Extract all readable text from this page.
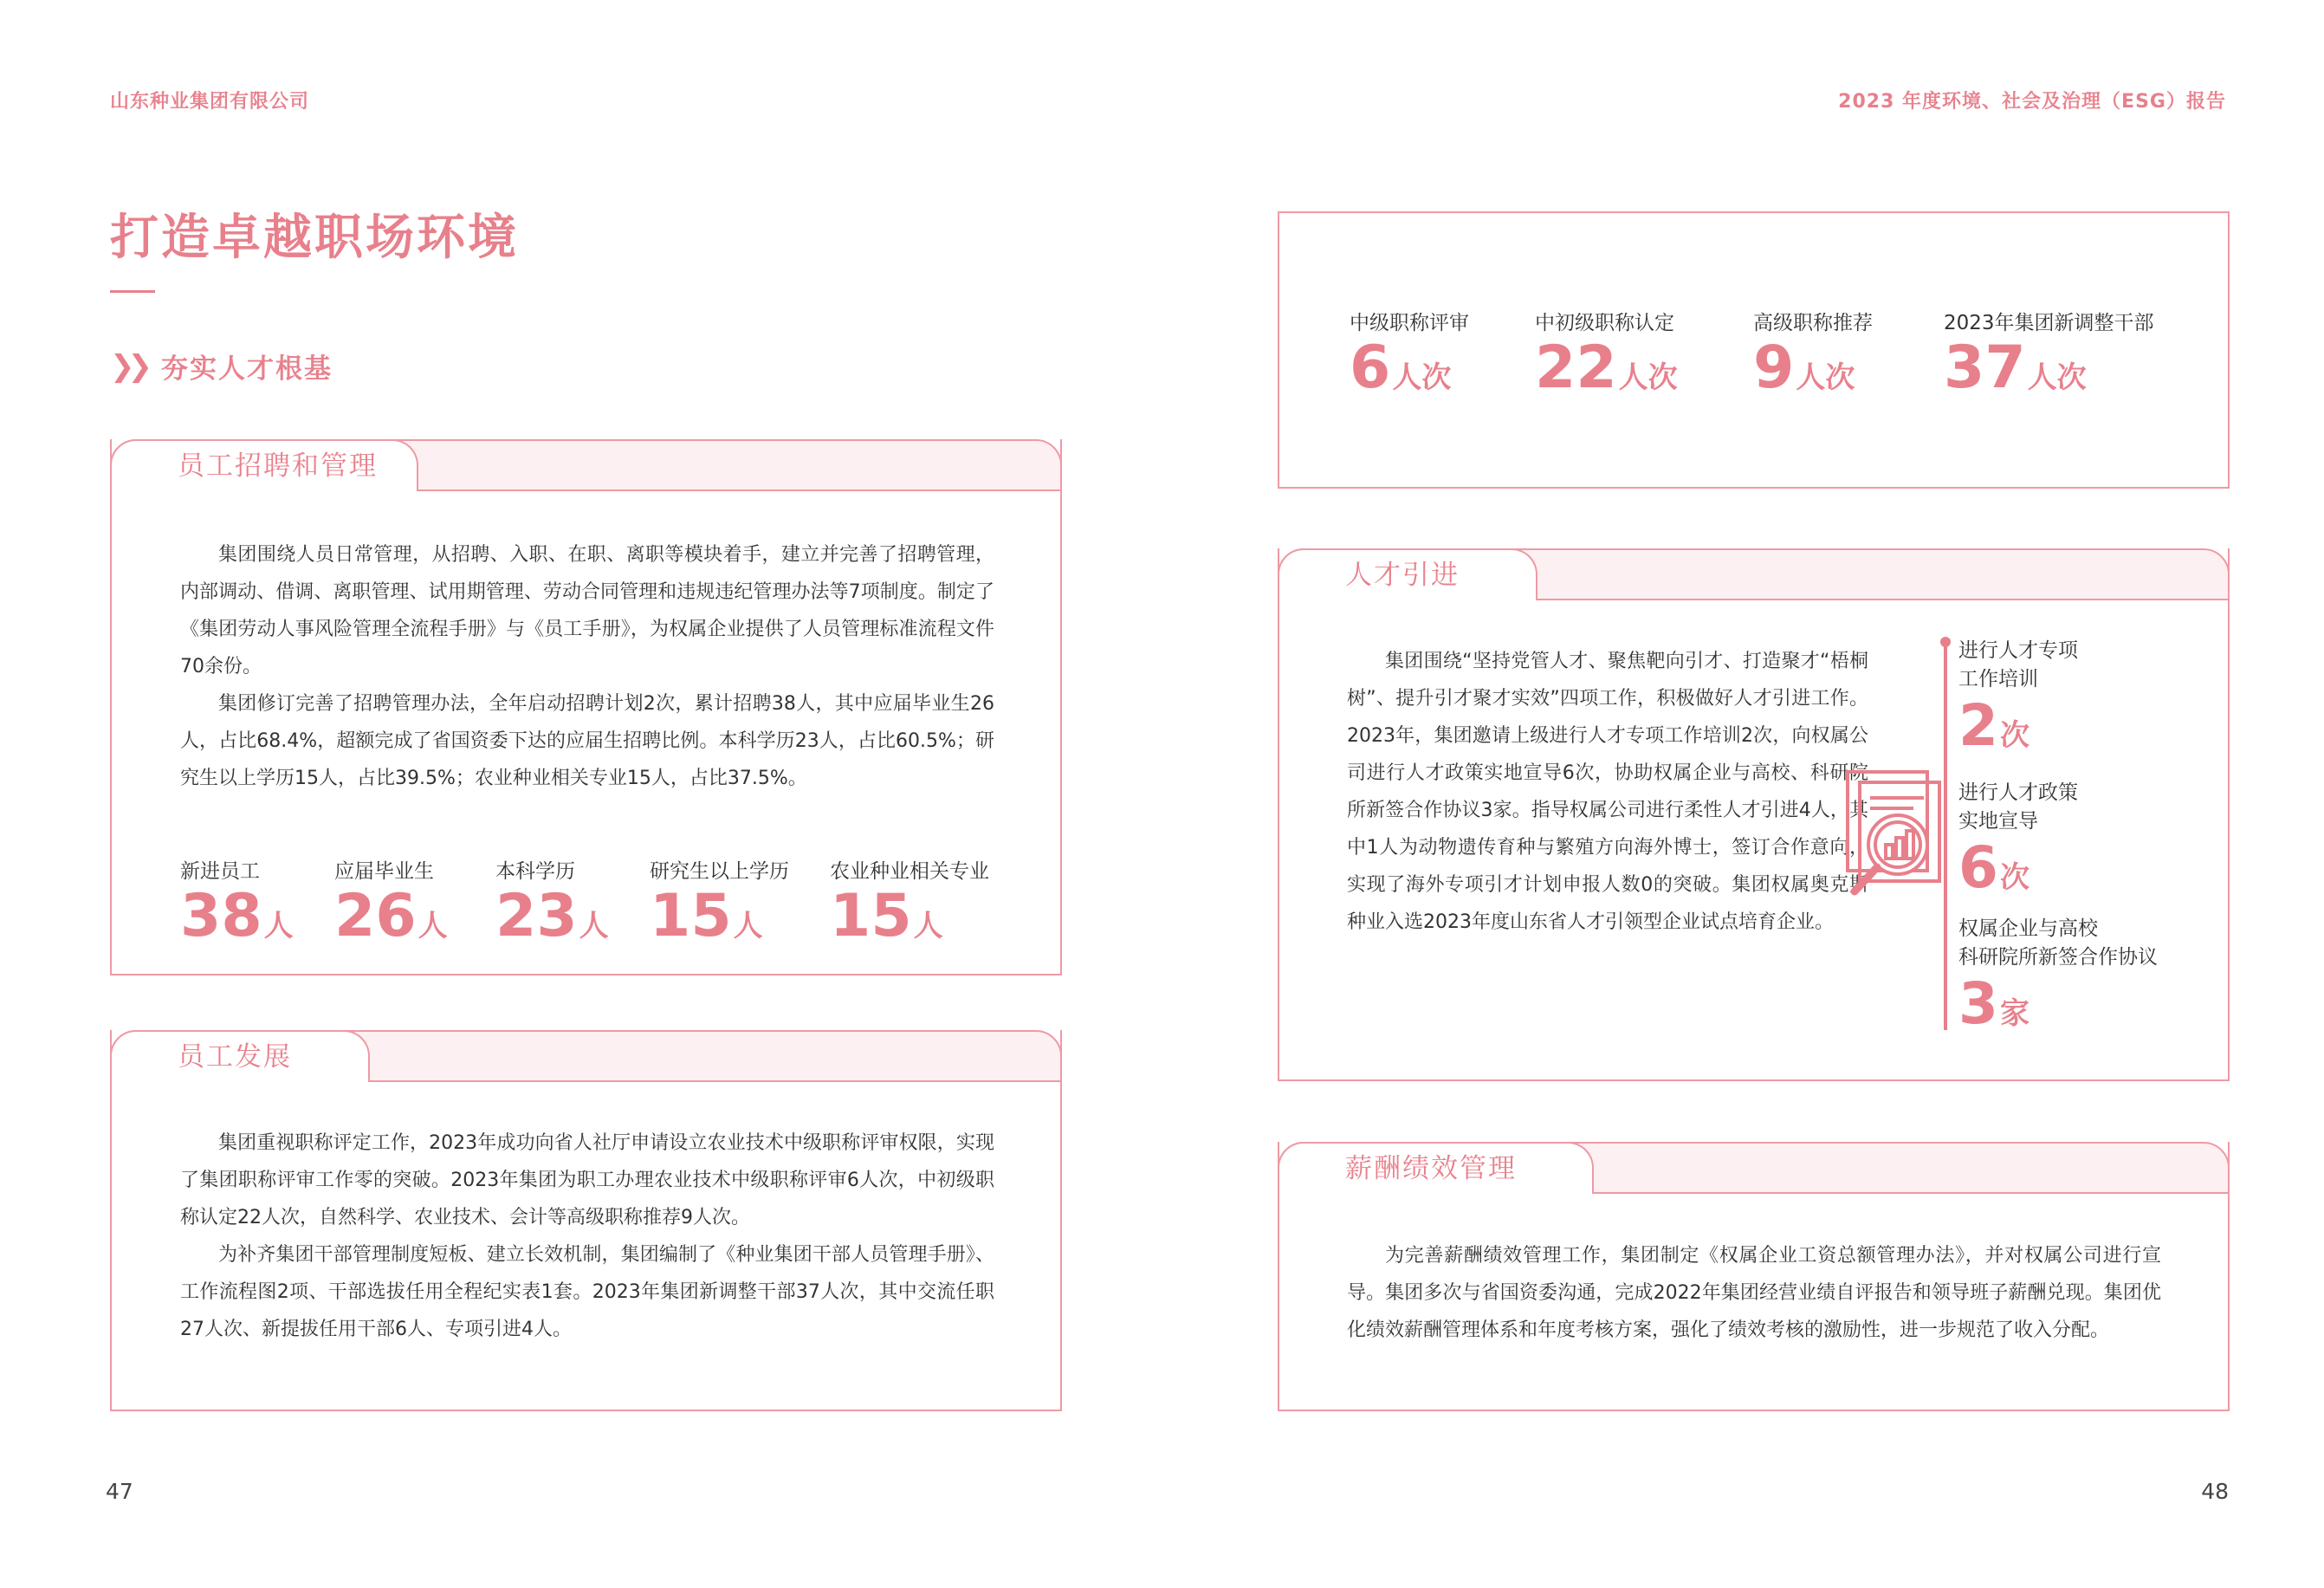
山东种业集团有限公司	2023 年度环境、社会及治理（ESG）报告
打造卓越职场环境
❯❯ 夯实人才根基
员工招聘和管理
集团围绕人员日常管理，从招聘、入职、在职、离职等模块着手，建立并完善了招聘管理，内部调动、借调、离职管理、试用期管理、劳动合同管理和违规违纪管理办法等7项制度。制定了《集团劳动人事风险管理全流程手册》与《员工手册》，为权属企业提供了人员管理标准流程文件70余份。
集团修订完善了招聘管理办法，全年启动招聘计划2次，累计招聘38人，其中应届毕业生26人，占比68.4%，超额完成了省国资委下达的应届生招聘比例。本科学历23人，占比60.5%；研究生以上学历15人，占比39.5%；农业种业相关专业15人，占比37.5%。
新进员工
38人
应届毕业生
26人
本科学历
23人
研究生以上学历
15人
农业种业相关专业
15人
员工发展
集团重视职称评定工作，2023年成功向省人社厅申请设立农业技术中级职称评审权限，实现了集团职称评审工作零的突破。2023年集团为职工办理农业技术中级职称评审6人次，中初级职称认定22人次，自然科学、农业技术、会计等高级职称推荐9人次。
为补齐集团干部管理制度短板、建立长效机制，集团编制了《种业集团干部人员管理手册》、工作流程图2项、干部选拔任用全程纪实表1套。2023年集团新调整干部37人次，其中交流任职27人次、新提拔任用干部6人、专项引进4人。
中级职称评审
6人次
中初级职称认定
22人次
高级职称推荐
9人次
2023年集团新调整干部
37人次
人才引进
集团围绕“坚持党管人才、聚焦靶向引才、打造聚才“梧桐树”、提升引才聚才实效”四项工作，积极做好人才引进工作。2023年，集团邀请上级进行人才专项工作培训2次，向权属公司进行人才政策实地宣导6次，协助权属企业与高校、科研院所新签合作协议3家。指导权属公司进行柔性人才引进4人，其中1人为动物遗传育种与繁殖方向海外博士，签订合作意向，实现了海外专项引才计划申报人数0的突破。集团权属奥克斯种业入选2023年度山东省人才引领型企业试点培育企业。
进行人才专项
工作培训
2次
进行人才政策
实地宣导
6次
权属企业与高校
科研院所新签合作协议
3家
薪酬绩效管理
为完善薪酬绩效管理工作，集团制定《权属企业工资总额管理办法》，并对权属公司进行宣导。集团多次与省国资委沟通，完成2022年集团经营业绩自评报告和领导班子薪酬兑现。集团优化绩效薪酬管理体系和年度考核方案，强化了绩效考核的激励性，进一步规范了收入分配。
47	48
